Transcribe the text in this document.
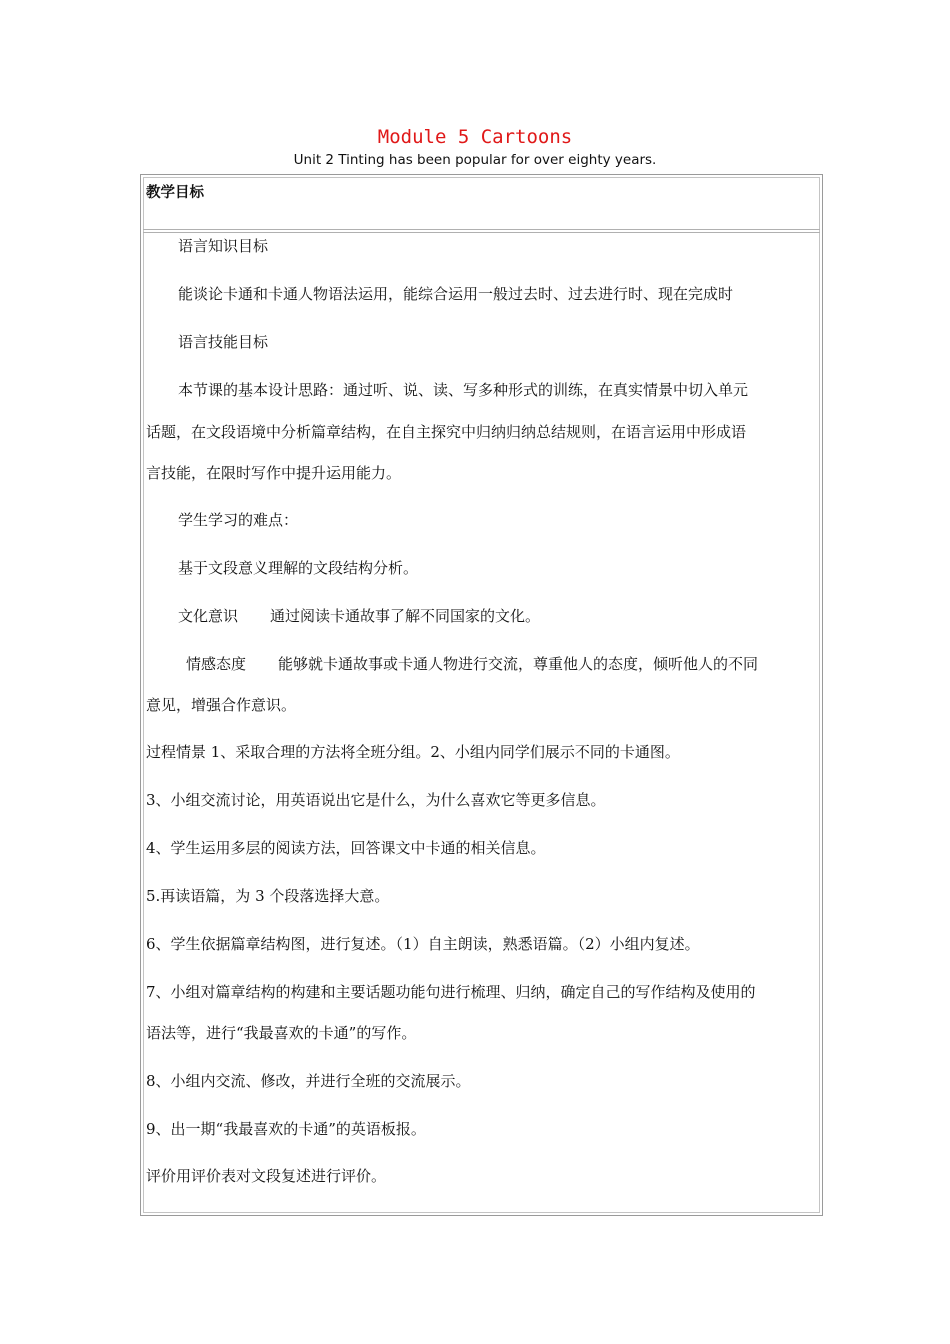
Module 5 Cartoons
Unit 2 Tinting has been popular for over eighty years.
教学目标
语言知识目标
能谈论卡通和卡通人物语法运用，能综合运用一般过去时、过去进行时、现在完成时
语言技能目标
本节课的基本设计思路：通过听、说、读、写多种形式的训练，在真实情景中切入单元
话题，在文段语境中分析篇章结构，在自主探究中归纳归纳总结规则，在语言运用中形成语
言技能，在限时写作中提升运用能力。
学生学习的难点：
基于文段意义理解的文段结构分析。
文化意识 通过阅读卡通故事了解不同国家的文化。
情感态度 能够就卡通故事或卡通人物进行交流，尊重他人的态度，倾听他人的不同
意见，增强合作意识。
过程情景 1、采取合理的方法将全班分组。2、小组内同学们展示不同的卡通图。
3、小组交流讨论，用英语说出它是什么，为什么喜欢它等更多信息。
4、学生运用多层的阅读方法，回答课文中卡通的相关信息。
5.再读语篇，为 3 个段落选择大意。
6、学生依据篇章结构图，进行复述。（1）自主朗读，熟悉语篇。（2）小组内复述。
7、小组对篇章结构的构建和主要话题功能句进行梳理、归纳，确定自己的写作结构及使用的
语法等，进行“我最喜欢的卡通”的写作。
8、小组内交流、修改，并进行全班的交流展示。
9、出一期“我最喜欢的卡通”的英语板报。
评价用评价表对文段复述进行评价。
